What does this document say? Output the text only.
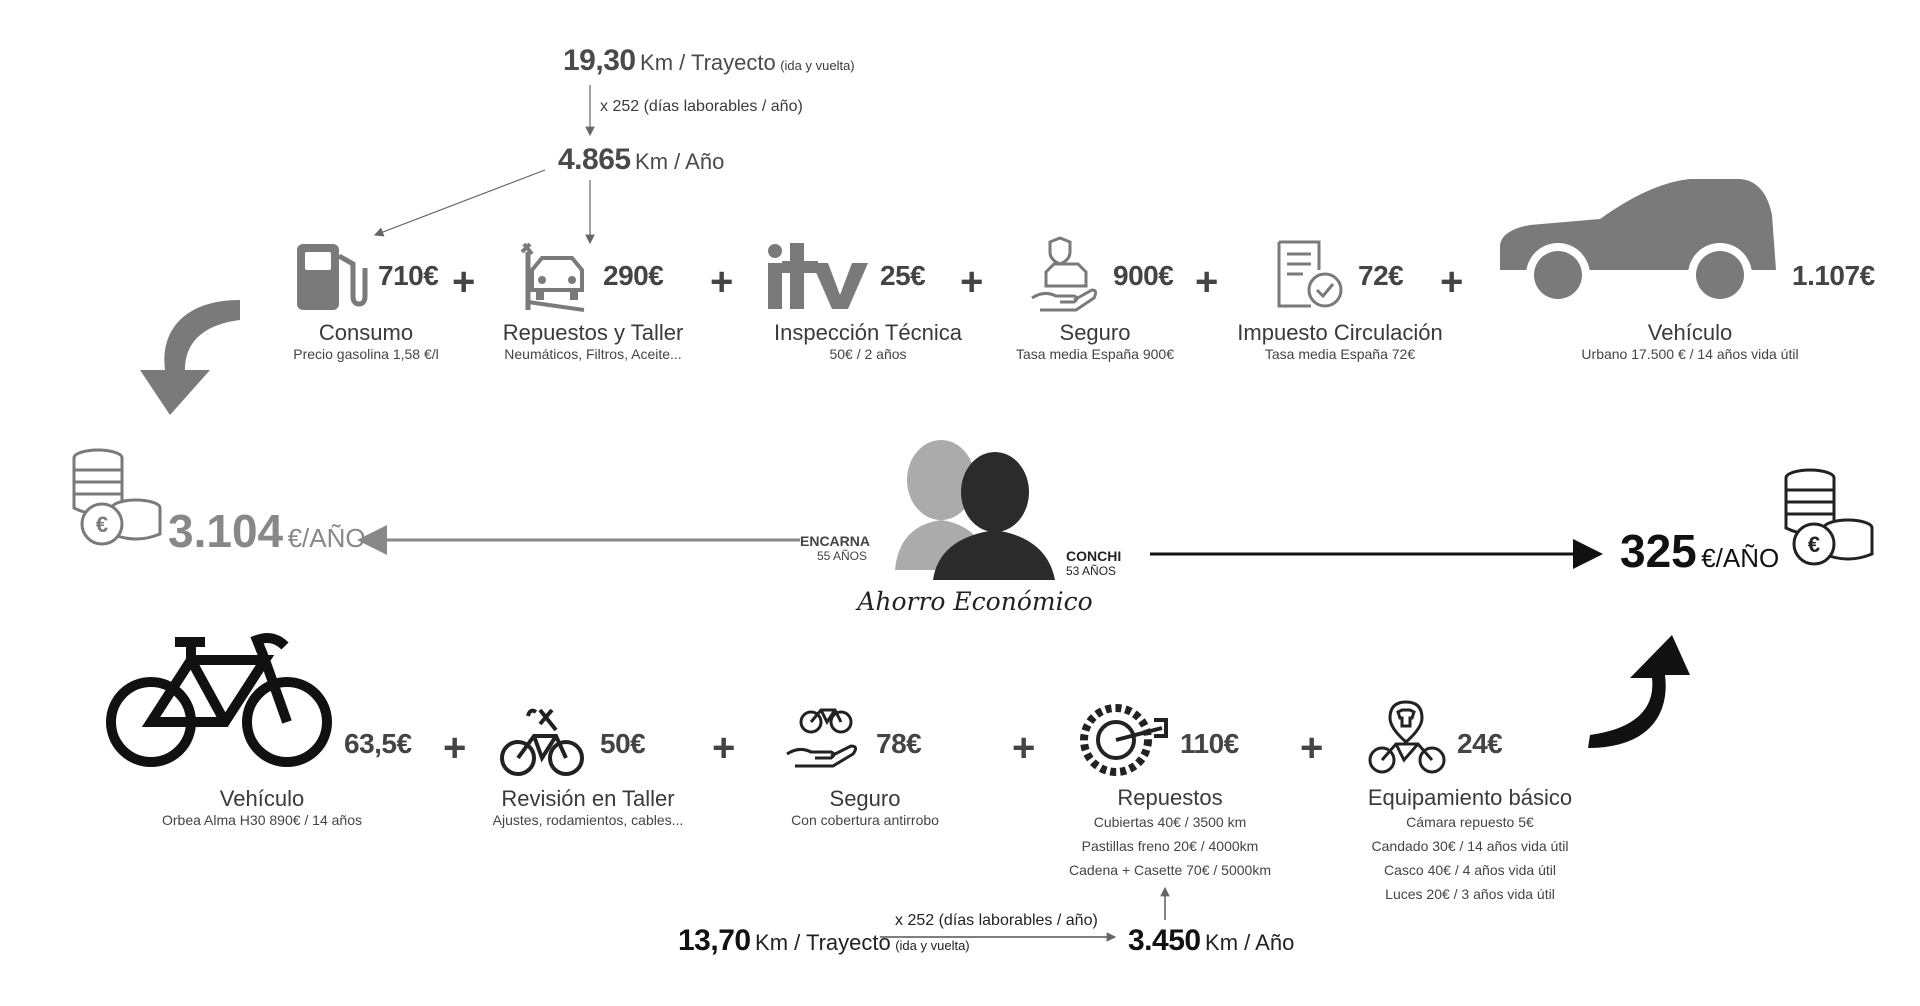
19,30 Km / Trayecto (ida y vuelta)
x 252 (días laborables / año)
4.865 Km / Año
710€	290€	25€	900€	72€	1.107€
+	+	+	+	+
Consumo
Precio gasolina 1,58 €/l
Repuestos y Taller
Neumáticos, Filtros, Aceite...
Inspección Técnica
50€ / 2 años
Seguro
Tasa media España 900€
Impuesto Circulación
Tasa media España 72€
Vehículo
Urbano 17.500 € / 14 años vida útil
€ 3.104 €/AÑO	ENCARNA
55 AÑOS	CONCHI
53 AÑOS
Ahorro Económico
325 €/AÑO €
63,5€	50€	78€	110€	24€
+	+	+	+
Vehículo
Orbea Alma H30 890€ / 14 años
Revisión en Taller
Ajustes, rodamientos, cables...
Seguro
Con cobertura antirrobo
Repuestos
Cubiertas 40€ / 3500 km
Pastillas freno 20€ / 4000km
Cadena + Casette 70€ / 5000km
Equipamiento básico
Cámara repuesto 5€
Candado 30€ / 14 años vida útil
Casco 40€ / 4 años vida útil
Luces 20€ / 3 años vida útil
13,70 Km / Trayecto (ida y vuelta)
x 252 (días laborables / año)
3.450 Km / Año
